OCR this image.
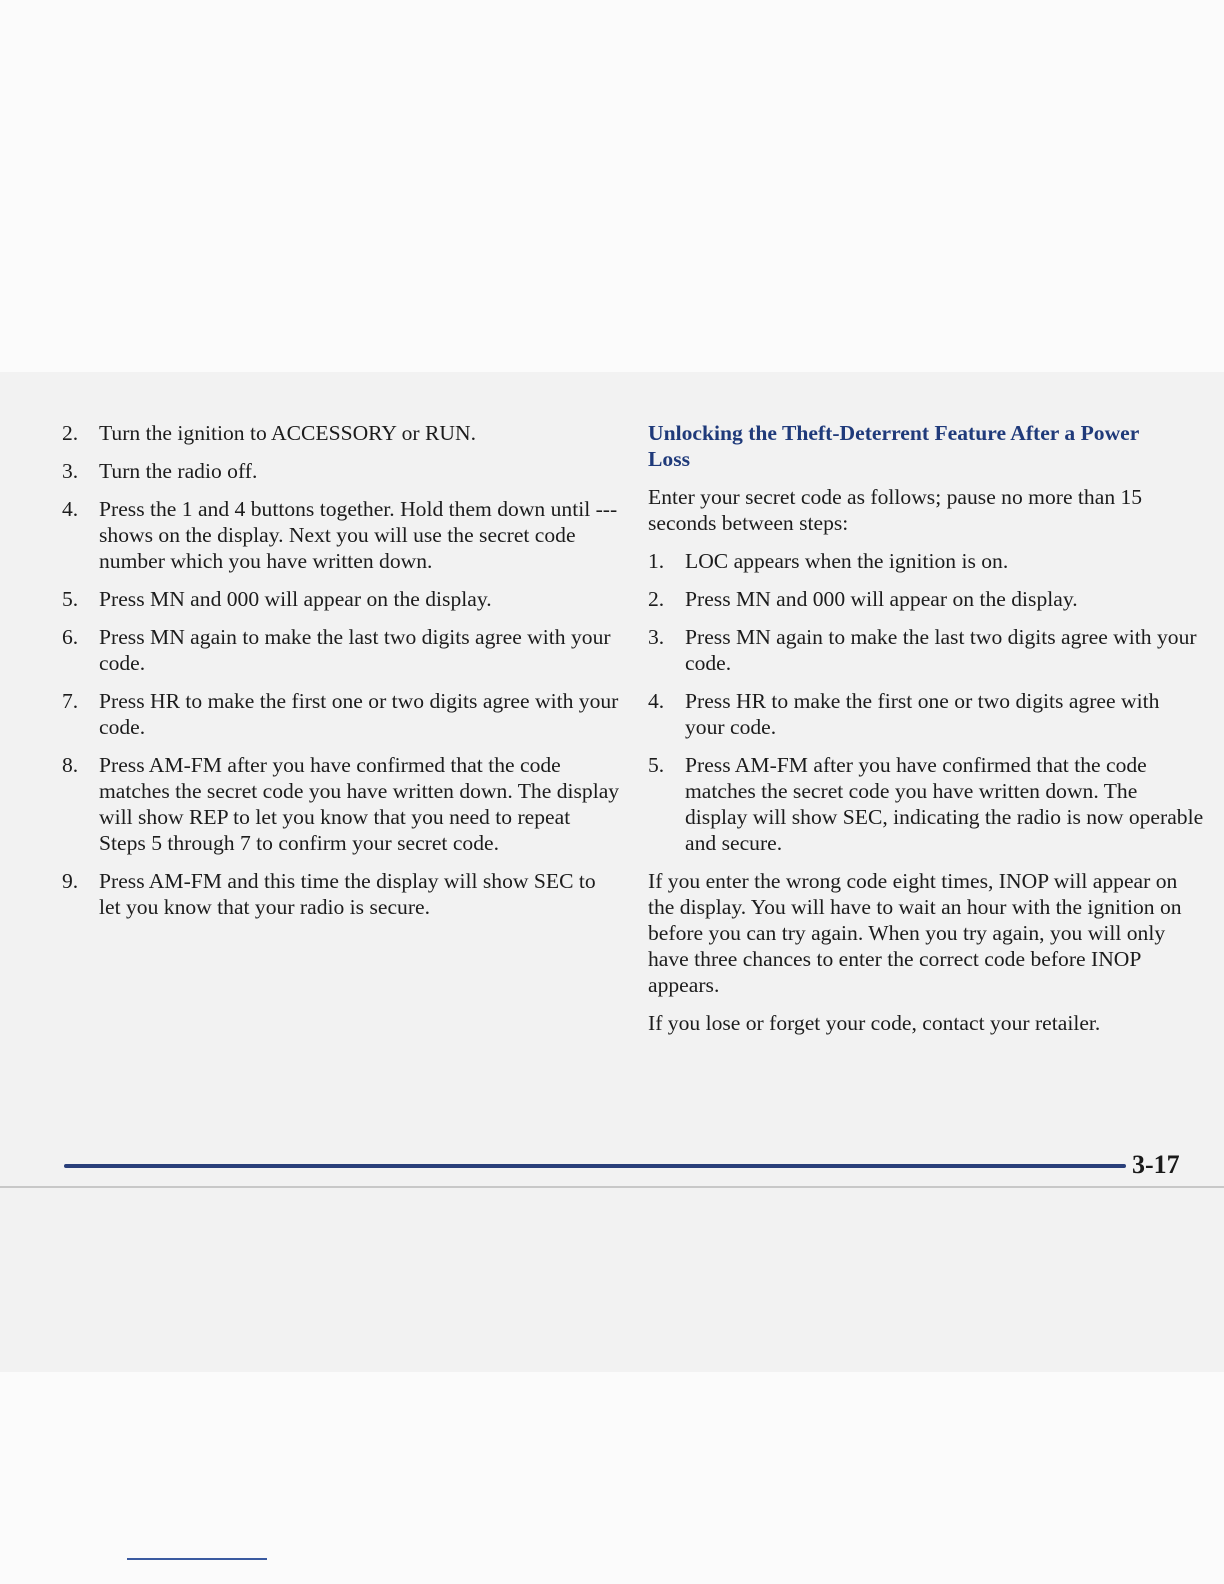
2. Turn the ignition to ACCESSORY or RUN.
3. Turn the radio off.
4. Press the 1 and 4 buttons together. Hold them down until --- shows on the display. Next you will use the secret code number which you have written down.
5. Press MN and 000 will appear on the display.
6. Press MN again to make the last two digits agree with your code.
7. Press HR to make the first one or two digits agree with your code.
8. Press AM-FM after you have confirmed that the code matches the secret code you have written down. The display will show REP to let you know that you need to repeat Steps 5 through 7 to confirm your secret code.
9. Press AM-FM and this time the display will show SEC to let you know that your radio is secure.
Unlocking the Theft-Deterrent Feature After a Power Loss

Enter your secret code as follows; pause no more than 15 seconds between steps:

1. LOC appears when the ignition is on.
2. Press MN and 000 will appear on the display.
3. Press MN again to make the last two digits agree with your code.
4. Press HR to make the first one or two digits agree with your code.
5. Press AM-FM after you have confirmed that the code matches the secret code you have written down. The display will show SEC, indicating the radio is now operable and secure.

If you enter the wrong code eight times, INOP will appear on the display. You will have to wait an hour with the ignition on before you can try again. When you try again, you will only have three chances to enter the correct code before INOP appears.

If you lose or forget your code, contact your retailer.

3-17
